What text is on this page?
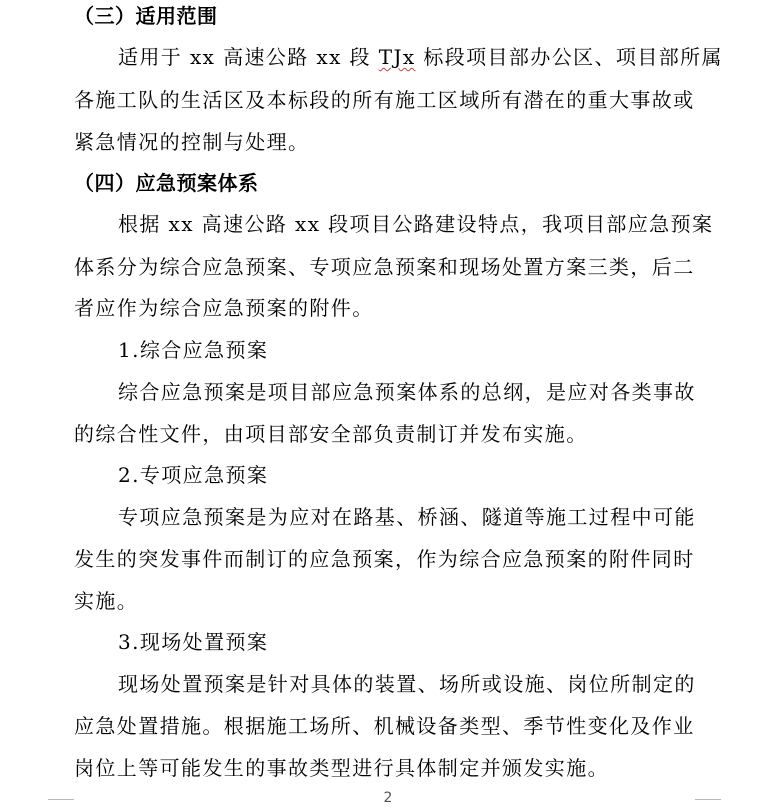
（三）适用范围
适用于 xx 高速公路 xx 段 TJx 标段项目部办公区、项目部所属
各施工队的生活区及本标段的所有施工区域所有潜在的重大事故或
紧急情况的控制与处理。
（四）应急预案体系
根据 xx 高速公路 xx 段项目公路建设特点，我项目部应急预案
体系分为综合应急预案、专项应急预案和现场处置方案三类，后二
者应作为综合应急预案的附件。
1.综合应急预案
综合应急预案是项目部应急预案体系的总纲，是应对各类事故
的综合性文件，由项目部安全部负责制订并发布实施。
2.专项应急预案
专项应急预案是为应对在路基、桥涵、隧道等施工过程中可能
发生的突发事件而制订的应急预案，作为综合应急预案的附件同时
实施。
3.现场处置预案
现场处置预案是针对具体的装置、场所或设施、岗位所制定的
应急处置措施。根据施工场所、机械设备类型、季节性变化及作业
岗位上等可能发生的事故类型进行具体制定并颁发实施。
2
